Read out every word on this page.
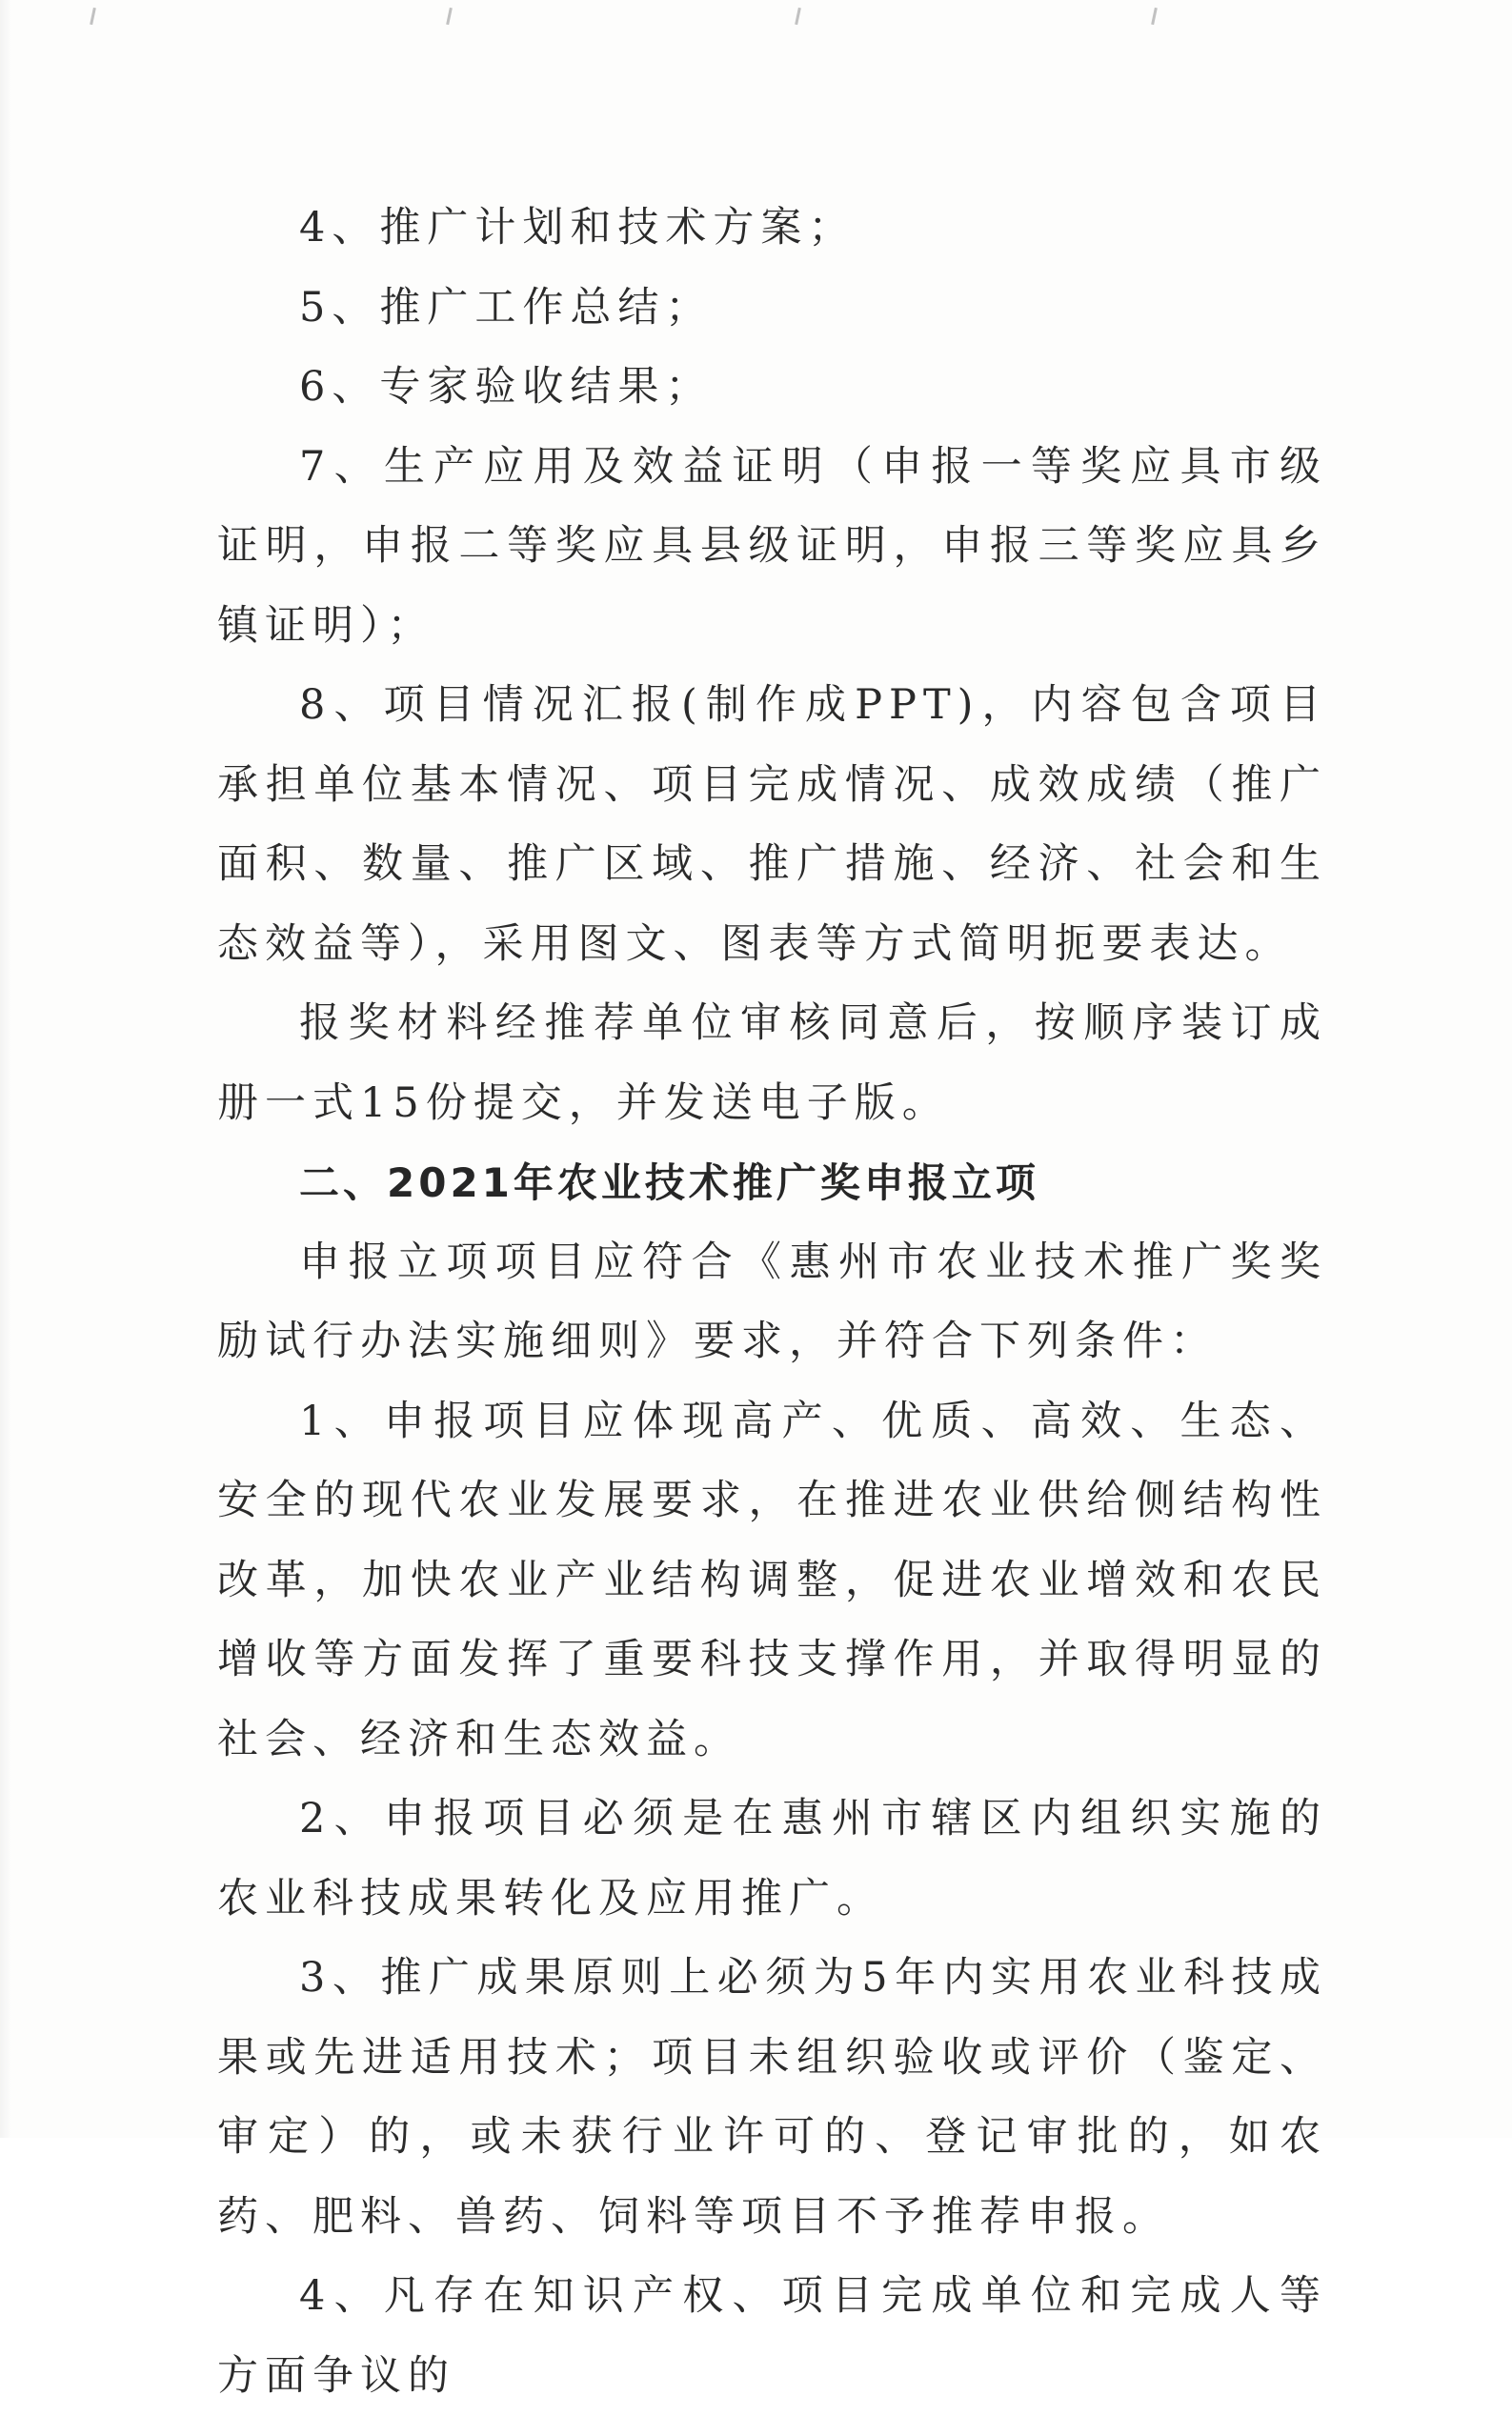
4、推广计划和技术方案；

5、推广工作总结；

6、专家验收结果；

7、生产应用及效益证明（申报一等奖应具市级证明，申报二等奖应具县级证明，申报三等奖应具乡镇证明）；

8、项目情况汇报(制作成PPT)，内容包含项目承担单位基本情况、项目完成情况、成效成绩（推广面积、数量、推广区域、推广措施、经济、社会和生态效益等），采用图文、图表等方式简明扼要表达。

报奖材料经推荐单位审核同意后，按顺序装订成册一式15份提交，并发送电子版。

二、2021年农业技术推广奖申报立项

申报立项项目应符合《惠州市农业技术推广奖奖励试行办法实施细则》要求，并符合下列条件：

1、申报项目应体现高产、优质、高效、生态、安全的现代农业发展要求，在推进农业供给侧结构性改革，加快农业产业结构调整，促进农业增效和农民增收等方面发挥了重要科技支撑作用，并取得明显的社会、经济和生态效益。

2、申报项目必须是在惠州市辖区内组织实施的农业科技成果转化及应用推广。

3、推广成果原则上必须为5年内实用农业科技成果或先进适用技术；项目未组织验收或评价（鉴定、审定）的，或未获行业许可的、登记审批的，如农药、肥料、兽药、饲料等项目不予推荐申报。

4、凡存在知识产权、项目完成单位和完成人等方面争议的
